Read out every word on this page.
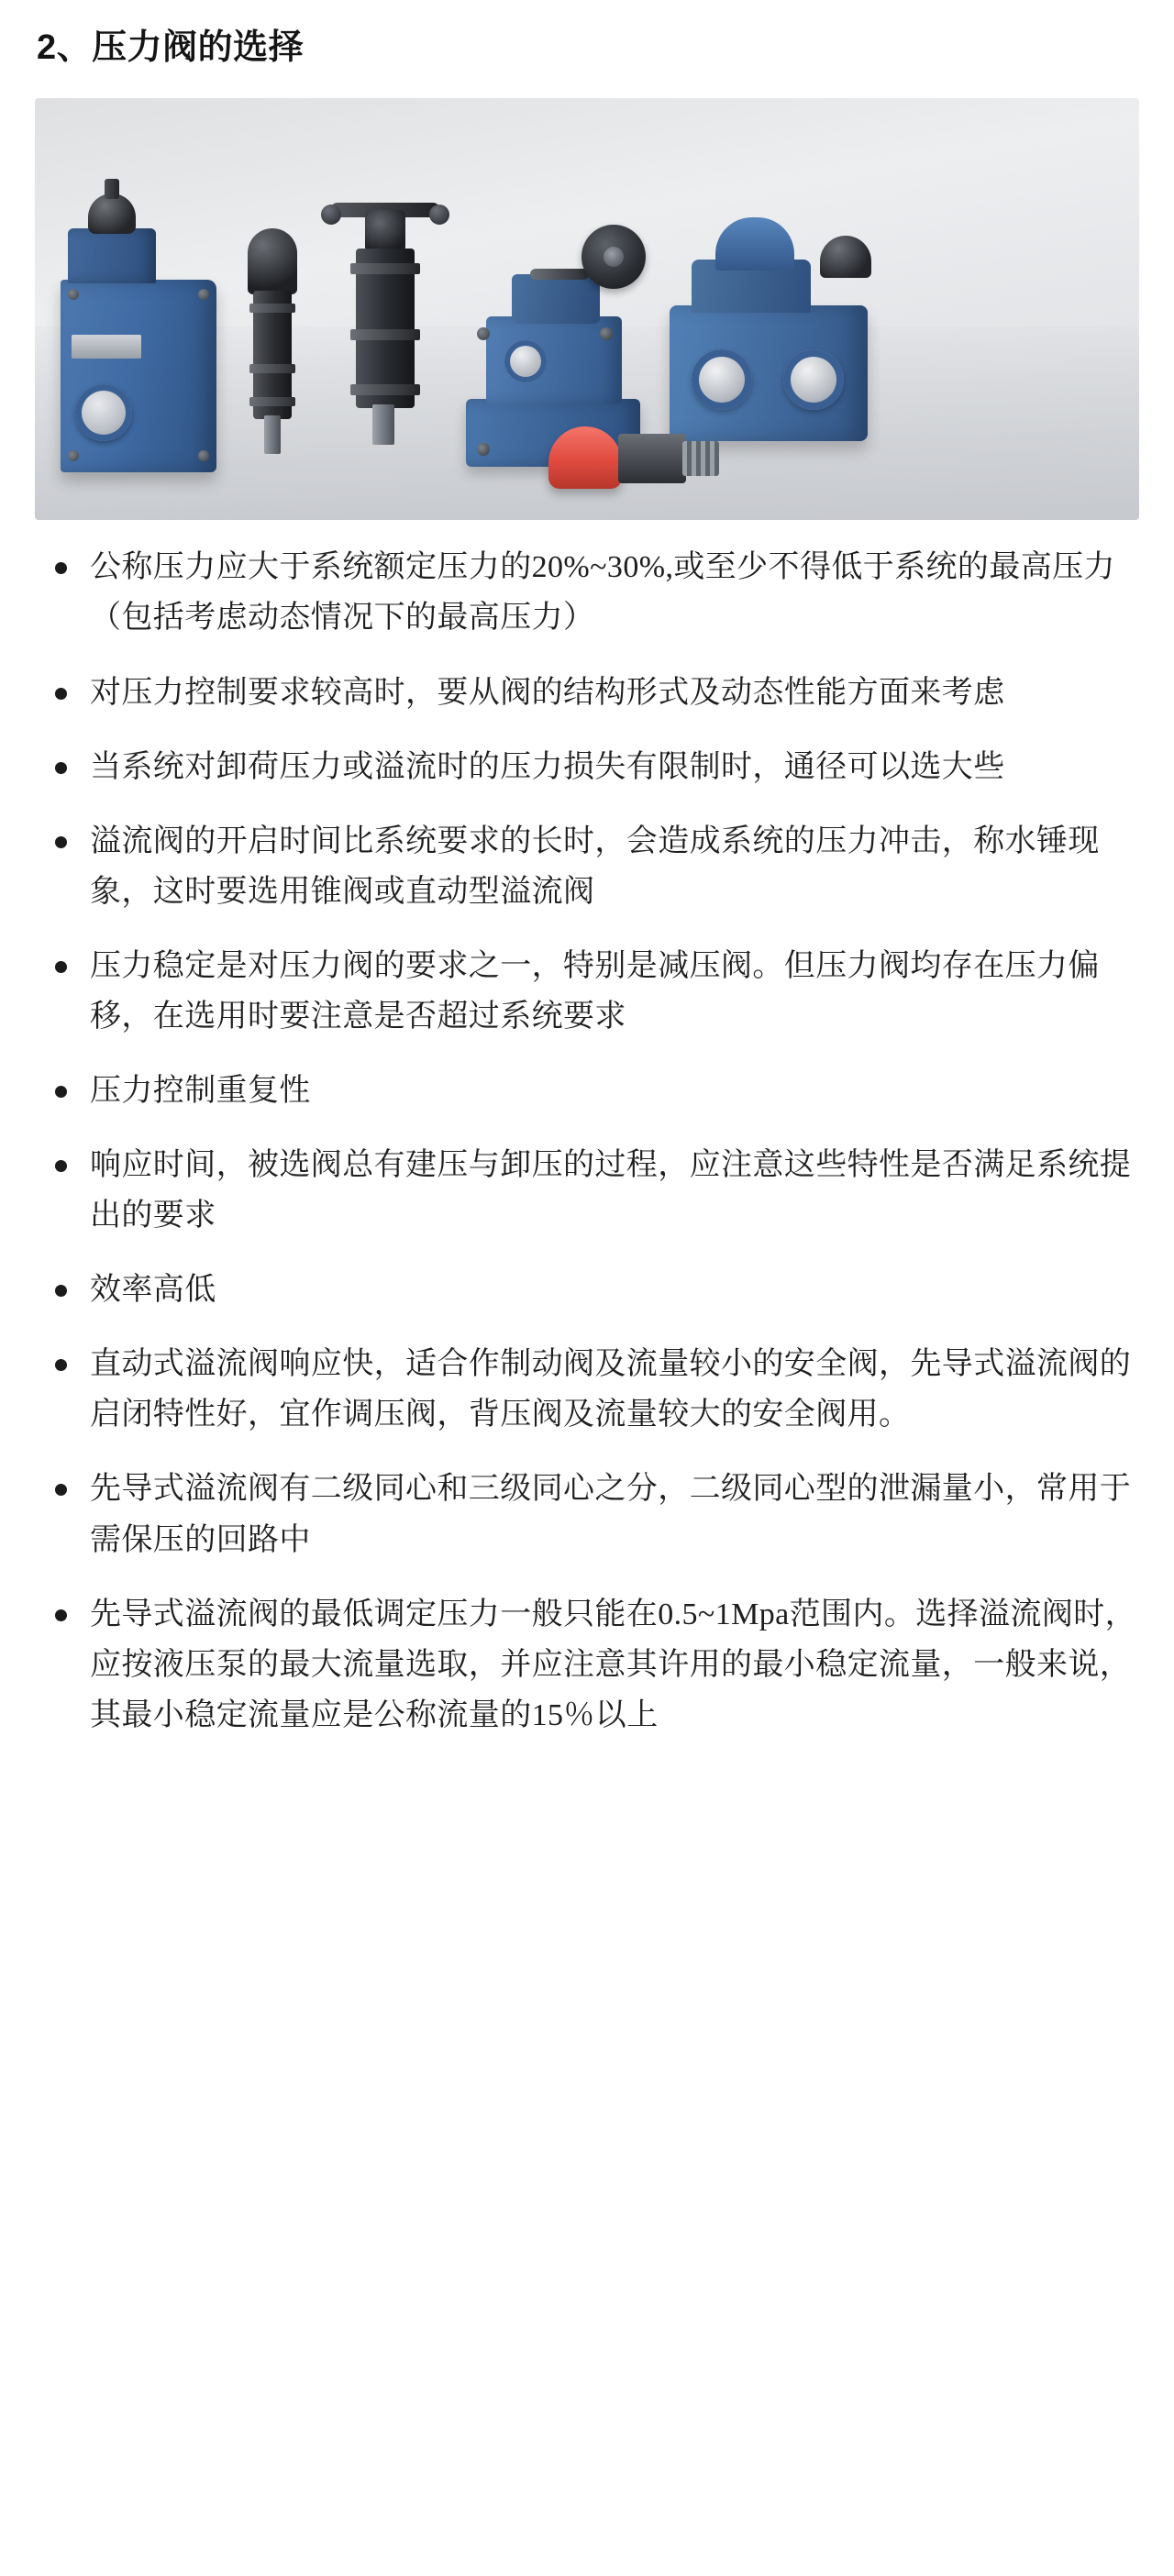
2、压力阀的选择
公称压力应大于系统额定压力的20%~30%,或至少不得低于系统的最高压力（包括考虑动态情况下的最高压力）
对压力控制要求较高时，要从阀的结构形式及动态性能方面来考虑
当系统对卸荷压力或溢流时的压力损失有限制时，通径可以选大些
溢流阀的开启时间比系统要求的长时，会造成系统的压力冲击，称水锤现象，这时要选用锥阀或直动型溢流阀
压力稳定是对压力阀的要求之一，特别是减压阀。但压力阀均存在压力偏移，在选用时要注意是否超过系统要求
压力控制重复性
响应时间，被选阀总有建压与卸压的过程，应注意这些特性是否满足系统提出的要求
效率高低
直动式溢流阀响应快，适合作制动阀及流量较小的安全阀，先导式溢流阀的启闭特性好，宜作调压阀，背压阀及流量较大的安全阀用。
先导式溢流阀有二级同心和三级同心之分，二级同心型的泄漏量小，常用于需保压的回路中
先导式溢流阀的最低调定压力一般只能在0.5~1Mpa范围内。选择溢流阀时，应按液压泵的最大流量选取，并应注意其许用的最小稳定流量，一般来说，其最小稳定流量应是公称流量的15％以上
